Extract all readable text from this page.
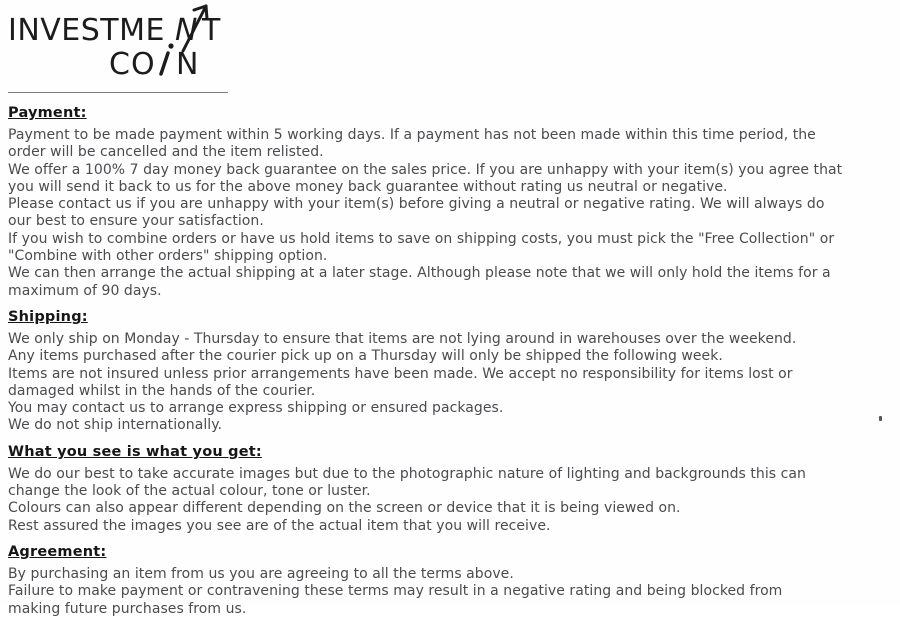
INVESTME N T
CO N
Payment:
Payment to be made payment within 5 working days. If a payment has not been made within this time period, the
order will be cancelled and the item relisted.
We offer a 100% 7 day money back guarantee on the sales price. If you are unhappy with your item(s) you agree that
you will send it back to us for the above money back guarantee without rating us neutral or negative.
Please contact us if you are unhappy with your item(s) before giving a neutral or negative rating. We will always do
our best to ensure your satisfaction.
If you wish to combine orders or have us hold items to save on shipping costs, you must pick the "Free Collection" or
"Combine with other orders" shipping option.
We can then arrange the actual shipping at a later stage. Although please note that we will only hold the items for a
maximum of 90 days.
Shipping:
We only ship on Monday - Thursday to ensure that items are not lying around in warehouses over the weekend.
Any items purchased after the courier pick up on a Thursday will only be shipped the following week.
Items are not insured unless prior arrangements have been made. We accept no responsibility for items lost or
damaged whilst in the hands of the courier.
You may contact us to arrange express shipping or ensured packages.
We do not ship internationally.
What you see is what you get:
We do our best to take accurate images but due to the photographic nature of lighting and backgrounds this can
change the look of the actual colour, tone or luster.
Colours can also appear different depending on the screen or device that it is being viewed on.
Rest assured the images you see are of the actual item that you will receive.
Agreement:
By purchasing an item from us you are agreeing to all the terms above.
Failure to make payment or contravening these terms may result in a negative rating and being blocked from
making future purchases from us.
